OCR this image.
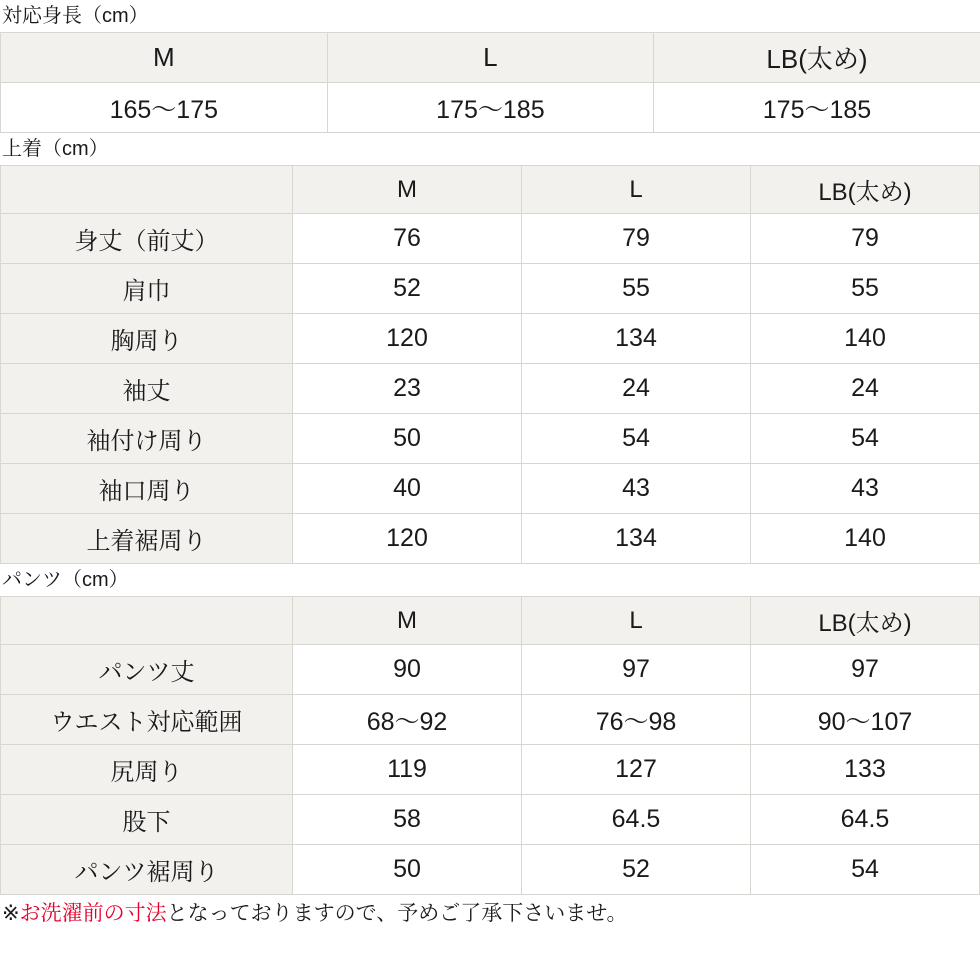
対応身長（cm）
M	L	LB(太め)
165〜175	175〜185	175〜185
上着（cm）
	M	L	LB(太め)
身丈（前丈）	76	79	79
肩巾	52	55	55
胸周り	120	134	140
袖丈	23	24	24
袖付け周り	50	54	54
袖口周り	40	43	43
上着裾周り	120	134	140
パンツ（cm）
	M	L	LB(太め)
パンツ丈	90	97	97
ウエスト対応範囲	68〜92	76〜98	90〜107
尻周り	119	127	133
股下	58	64.5	64.5
パンツ裾周り	50	52	54
※お洗濯前の寸法となっておりますので、予めご了承下さいませ。
